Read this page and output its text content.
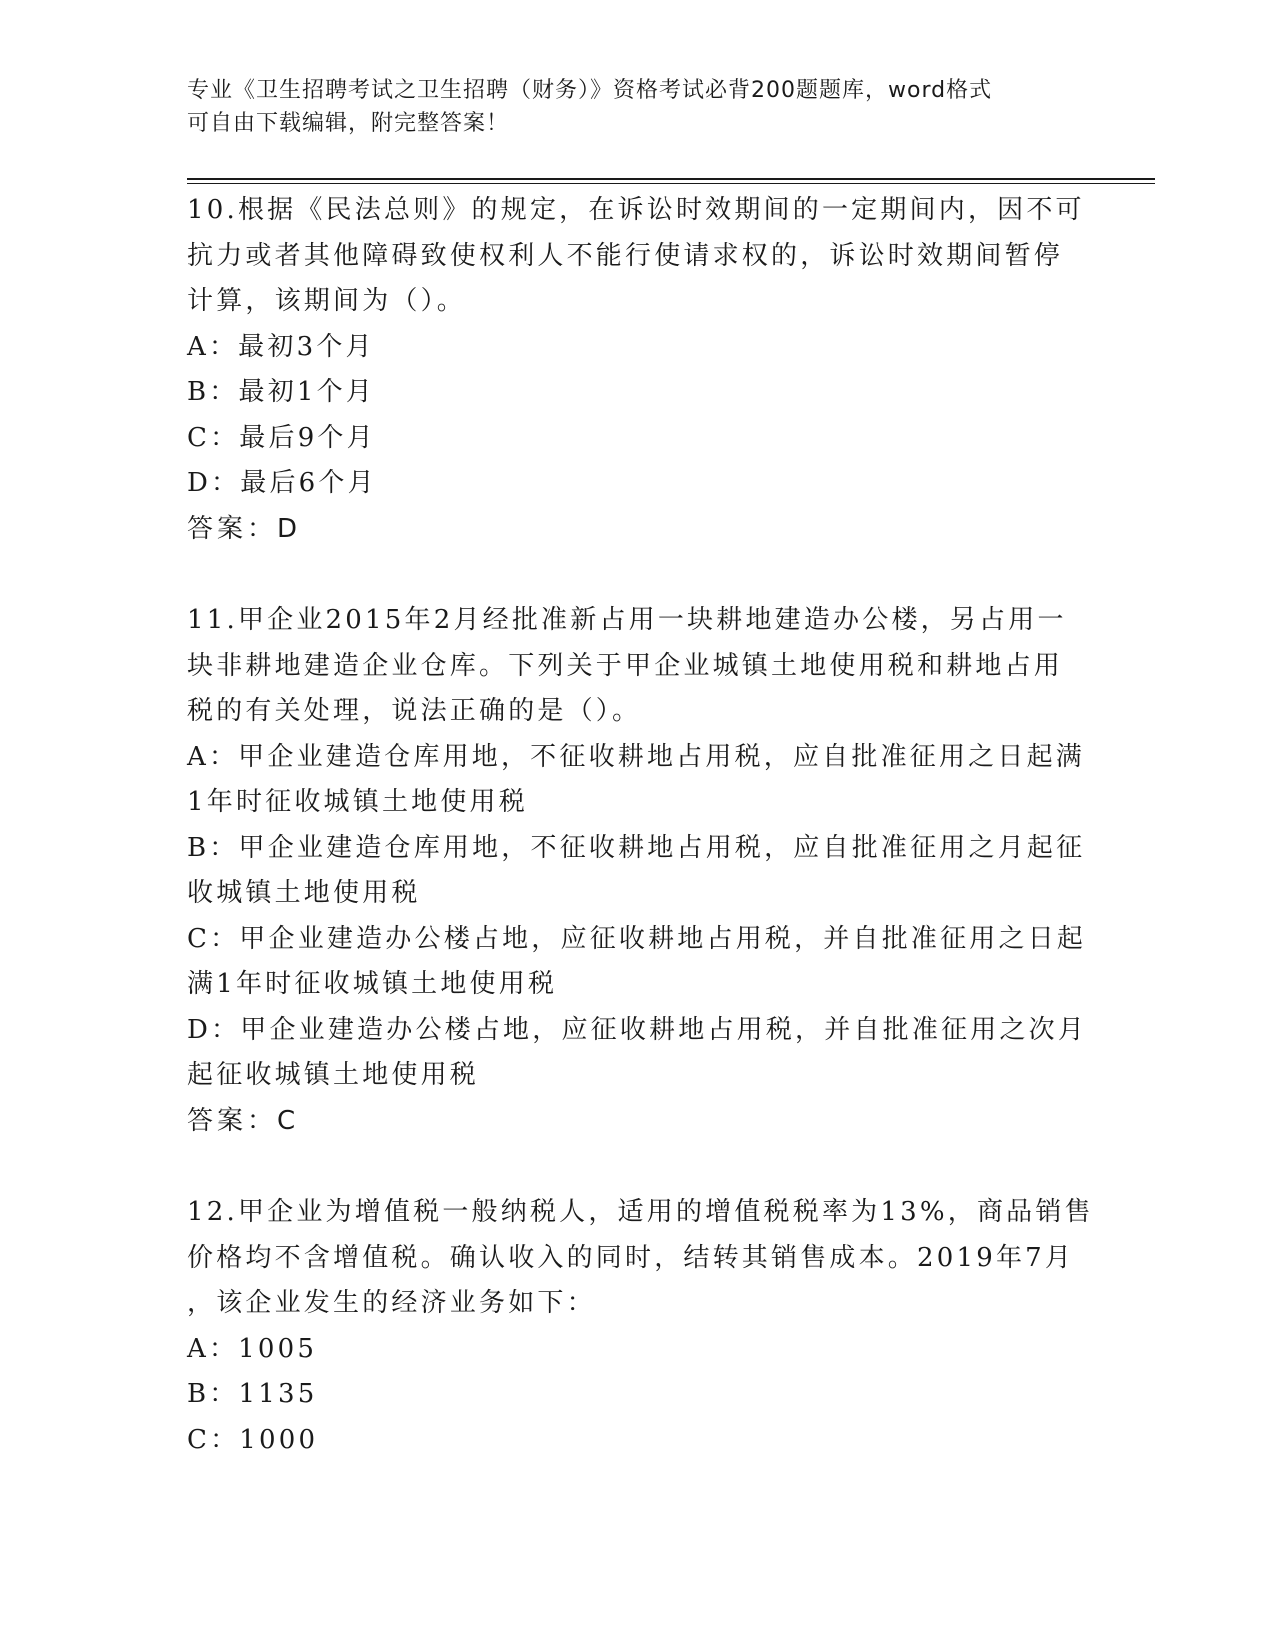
专业《卫生招聘考试之卫生招聘（财务）》资格考试必背200题题库，word格式
可自由下载编辑，附完整答案！
10.根据《民法总则》的规定，在诉讼时效期间的一定期间内，因不可
抗力或者其他障碍致使权利人不能行使请求权的，诉讼时效期间暂停
计算，该期间为（）。
A：最初3个月
B：最初1个月
C：最后9个月
D：最后6个月
答案：D
11.甲企业2015年2月经批准新占用一块耕地建造办公楼，另占用一
块非耕地建造企业仓库。下列关于甲企业城镇土地使用税和耕地占用
税的有关处理，说法正确的是（）。
A：甲企业建造仓库用地，不征收耕地占用税，应自批准征用之日起满
1年时征收城镇土地使用税
B：甲企业建造仓库用地，不征收耕地占用税，应自批准征用之月起征
收城镇土地使用税
C：甲企业建造办公楼占地，应征收耕地占用税，并自批准征用之日起
满1年时征收城镇土地使用税
D：甲企业建造办公楼占地，应征收耕地占用税，并自批准征用之次月
起征收城镇土地使用税
答案：C
12.甲企业为增值税一般纳税人，适用的增值税税率为13%，商品销售
价格均不含增值税。确认收入的同时，结转其销售成本。2019年7月
，该企业发生的经济业务如下：
A：1005
B：1135
C：1000
